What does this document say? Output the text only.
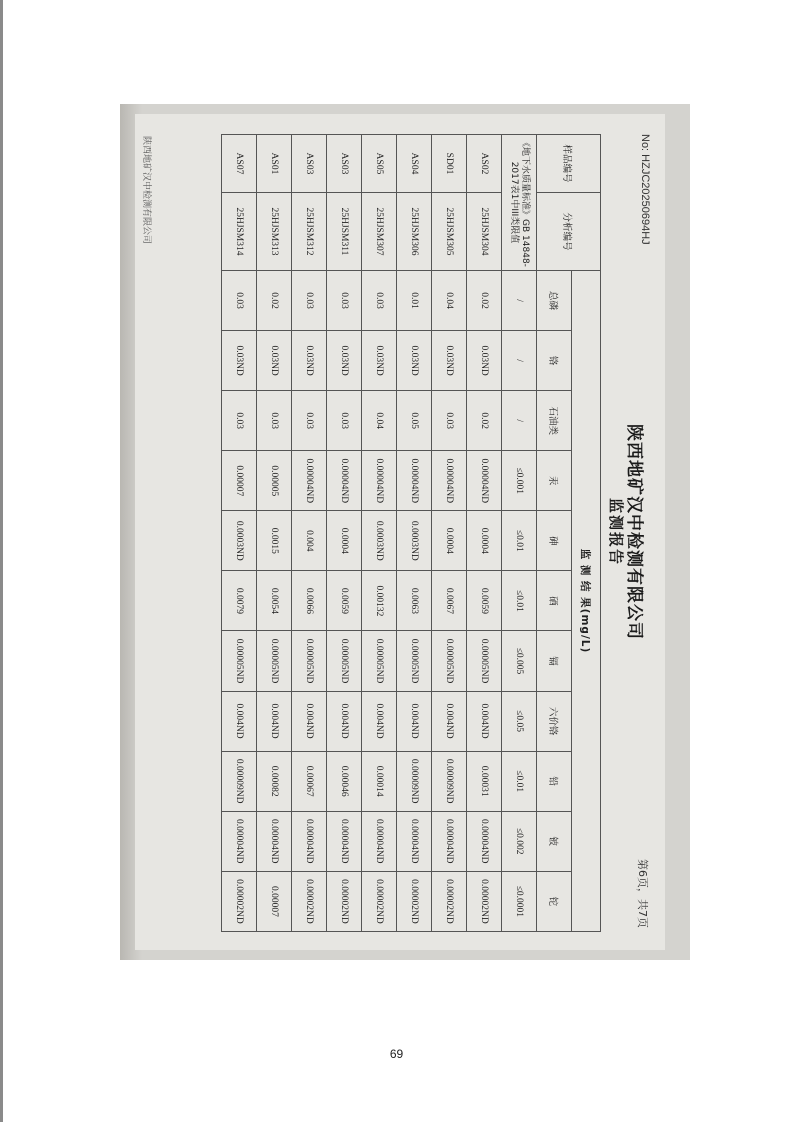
No: HZJC20250694HJ
陕西地矿汉中检测有限公司
监测报告
第6页，共7页
样品编号	分析编号	监 测 结 果(mg/L)										
		总磷	铬	石油类	汞	砷	硒	镉	六价铬	铅	铍	铊
《地下水质量标准》GB 14848-2017表1中III类限值		/	/	/	≤0.001	≤0.01	≤0.01	≤0.005	≤0.05	≤0.01	≤0.002	≤0.0001
AS02	25HJSM304	0.02	0.03ND	0.02	0.00004ND	0.0004	0.0059	0.00005ND	0.004ND	0.00031	0.00004ND	0.00002ND
SD01	25HJSM305	0.04	0.03ND	0.03	0.00004ND	0.0004	0.0067	0.00005ND	0.004ND	0.00009ND	0.00004ND	0.00002ND
AS04	25HJSM306	0.01	0.03ND	0.05	0.00004ND	0.0003ND	0.0063	0.00005ND	0.004ND	0.00009ND	0.00004ND	0.00002ND
AS05	25HJSM307	0.03	0.03ND	0.04	0.00004ND	0.0003ND	0.00132	0.00005ND	0.004ND	0.00014	0.00004ND	0.00002ND
AS03	25HJSM311	0.03	0.03ND	0.03	0.00004ND	0.0004	0.0059	0.00005ND	0.004ND	0.00046	0.00004ND	0.00002ND
AS03	25HJSM312	0.03	0.03ND	0.03	0.00004ND	0.004	0.0066	0.00005ND	0.004ND	0.00067	0.00004ND	0.00002ND
AS01	25HJSM313	0.02	0.03ND	0.03	0.00005	0.0015	0.0054	0.00005ND	0.004ND	0.00082	0.00004ND	0.00007
AS07	25HJSM314	0.03	0.03ND	0.03	0.00007	0.0003ND	0.0079	0.00005ND	0.004ND	0.00009ND	0.00004ND	0.00002ND
陕西地矿汉中检测有限公司
69
